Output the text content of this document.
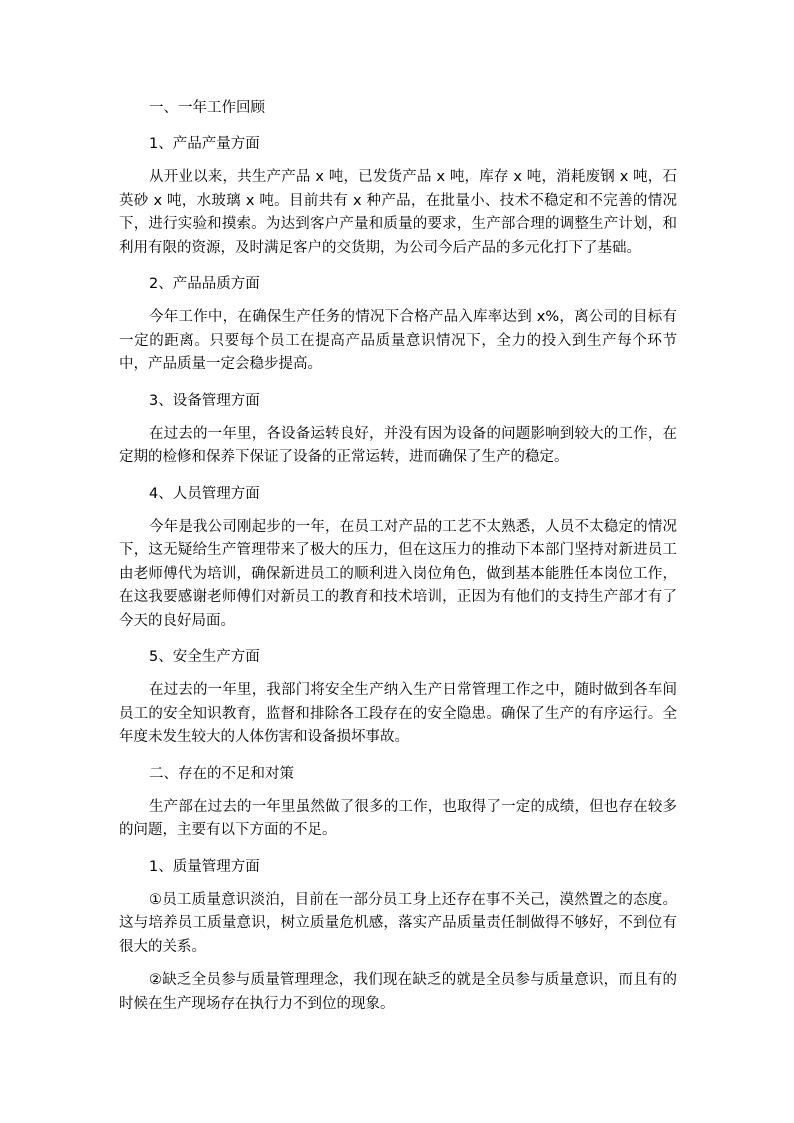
一、一年工作回顾
1、产品产量方面

从开业以来，共生产产品 x 吨，已发货产品 x 吨，库存 x 吨，消耗废钢 x 吨，石英砂 x 吨，水玻璃 x 吨。目前共有 x 种产品，在批量小、技术不稳定和不完善的情况下，进行实验和摸索。为达到客户产量和质量的要求，生产部合理的调整生产计划，和利用有限的资源，及时满足客户的交货期，为公司今后产品的多元化打下了基础。

2、产品品质方面

今年工作中，在确保生产任务的情况下合格产品入库率达到 x%，离公司的目标有一定的距离。只要每个员工在提高产品质量意识情况下，全力的投入到生产每个环节中，产品质量一定会稳步提高。

3、设备管理方面

在过去的一年里，各设备运转良好，并没有因为设备的问题影响到较大的工作，在定期的检修和保养下保证了设备的正常运转，进而确保了生产的稳定。

4、人员管理方面

今年是我公司刚起步的一年，在员工对产品的工艺不太熟悉，人员不太稳定的情况下，这无疑给生产管理带来了极大的压力，但在这压力的推动下本部门坚持对新进员工由老师傅代为培训，确保新进员工的顺利进入岗位角色，做到基本能胜任本岗位工作，在这我要感谢老师傅们对新员工的教育和技术培训，正因为有他们的支持生产部才有了今天的良好局面。

5、安全生产方面

在过去的一年里，我部门将安全生产纳入生产日常管理工作之中，随时做到各车间员工的安全知识教育，监督和排除各工段存在的安全隐患。确保了生产的有序运行。全年度未发生较大的人体伤害和设备损坏事故。

二、存在的不足和对策

生产部在过去的一年里虽然做了很多的工作，也取得了一定的成绩，但也存在较多的问题，主要有以下方面的不足。

1、质量管理方面

①员工质量意识淡泊，目前在一部分员工身上还存在事不关己，漠然置之的态度。这与培养员工质量意识，树立质量危机感，落实产品质量责任制做得不够好，不到位有很大的关系。

②缺乏全员参与质量管理理念，我们现在缺乏的就是全员参与质量意识，而且有的时候在生产现场存在执行力不到位的现象。
